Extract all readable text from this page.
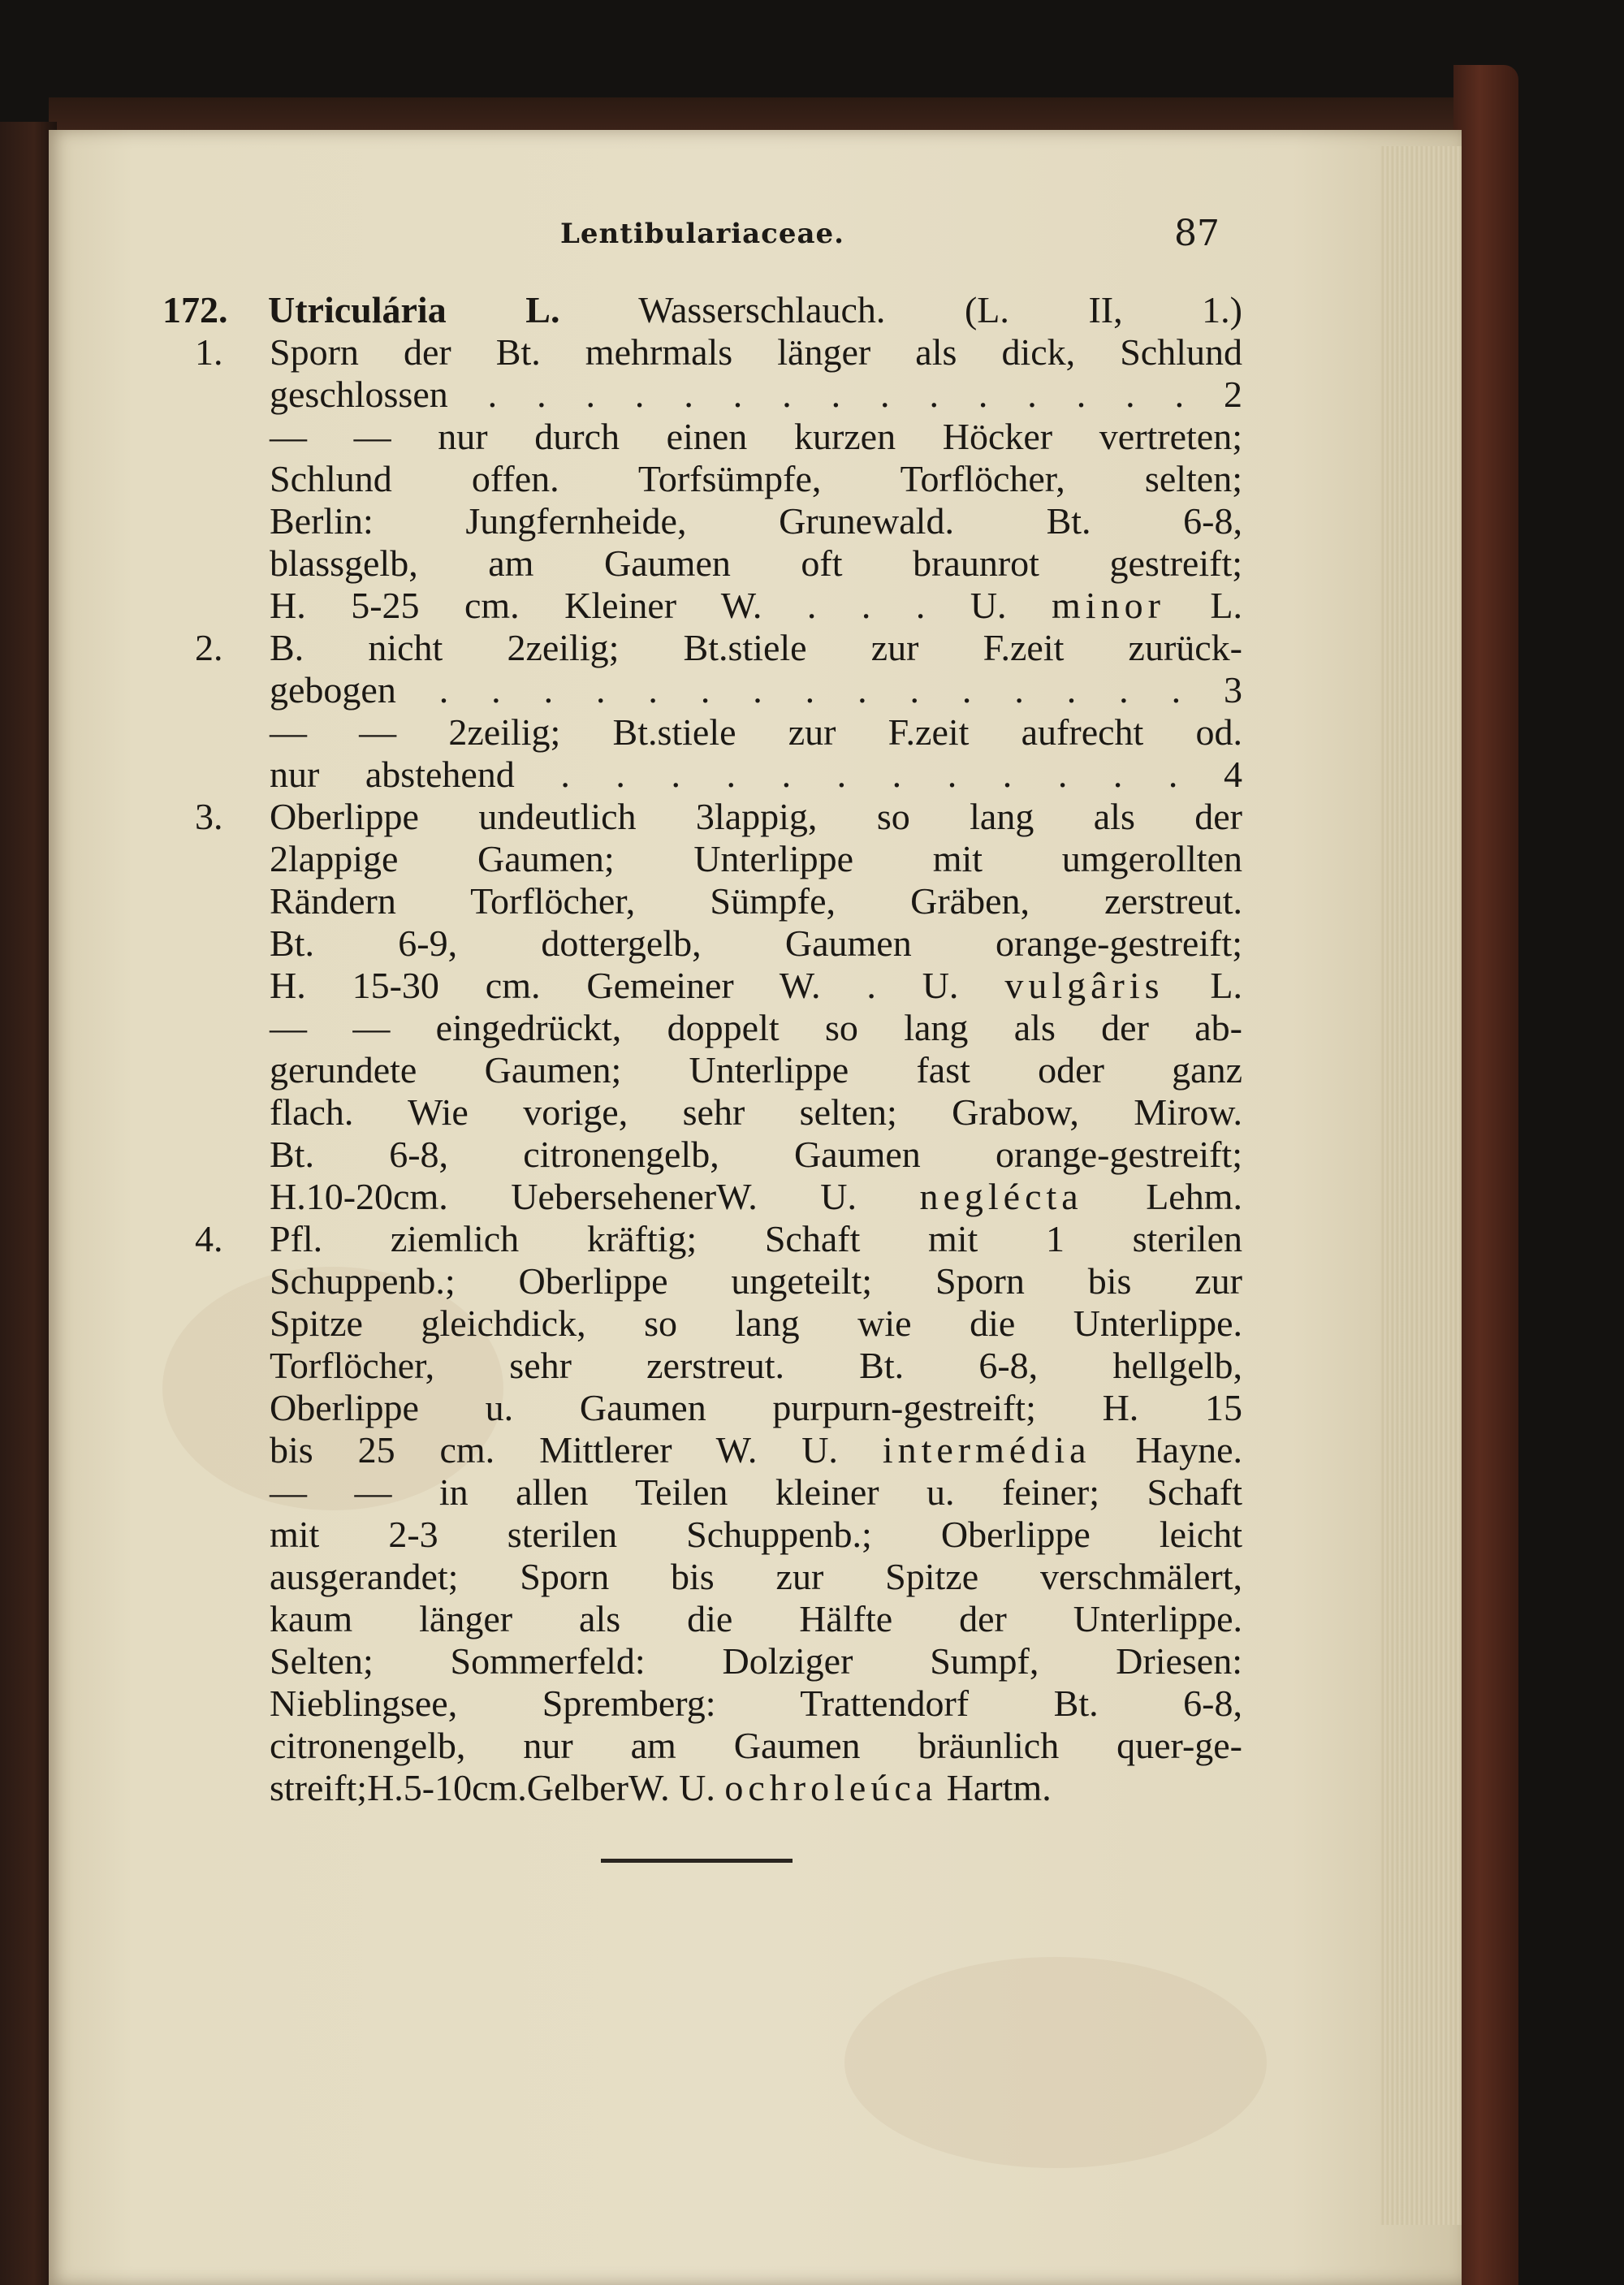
Lentibulariaceae.	87
172. Utriculária L. Wasserschlauch. (L. II, 1.)
1. Sporn der Bt. mehrmals länger als dick, Schlund
geschlossen . . . . . . . . . . . . . . . 2
— — nur durch einen kurzen Höcker vertreten;
Schlund offen. Torfsümpfe, Torflöcher, selten;
Berlin: Jungfernheide, Grunewald. Bt. 6-8,
blassgelb, am Gaumen oft braunrot gestreift;
H. 5-25 cm. Kleiner W. . . . U. minor L.
2. B. nicht 2zeilig; Bt.stiele zur F.zeit zurück-
gebogen . . . . . . . . . . . . . . . 3
— — 2zeilig; Bt.stiele zur F.zeit aufrecht od.
nur abstehend . . . . . . . . . . . . 4
3. Oberlippe undeutlich 3lappig, so lang als der
2lappige Gaumen; Unterlippe mit umgerollten
Rändern Torflöcher, Sümpfe, Gräben, zerstreut.
Bt. 6-9, dottergelb, Gaumen orange-gestreift;
H. 15-30 cm. Gemeiner W. . U. vulgâris L.
— — eingedrückt, doppelt so lang als der ab-
gerundete Gaumen; Unterlippe fast oder ganz
flach. Wie vorige, sehr selten; Grabow, Mirow.
Bt. 6-8, citronengelb, Gaumen orange-gestreift;
H.10-20cm. UebersehenerW. U. neglécta Lehm.
4. Pfl. ziemlich kräftig; Schaft mit 1 sterilen
Schuppenb.; Oberlippe ungeteilt; Sporn bis zur
Spitze gleichdick, so lang wie die Unterlippe.
Torflöcher, sehr zerstreut. Bt. 6-8, hellgelb,
Oberlippe u. Gaumen purpurn-gestreift; H. 15
bis 25 cm. Mittlerer W. U. intermédia Hayne.
— — in allen Teilen kleiner u. feiner; Schaft
mit 2-3 sterilen Schuppenb.; Oberlippe leicht
ausgerandet; Sporn bis zur Spitze verschmälert,
kaum länger als die Hälfte der Unterlippe.
Selten; Sommerfeld: Dolziger Sumpf, Driesen:
Nieblingsee, Spremberg: Trattendorf Bt. 6-8,
citronengelb, nur am Gaumen bräunlich quer-ge-
streift;H.5-10cm.GelberW. U. ochroleúca Hartm.
